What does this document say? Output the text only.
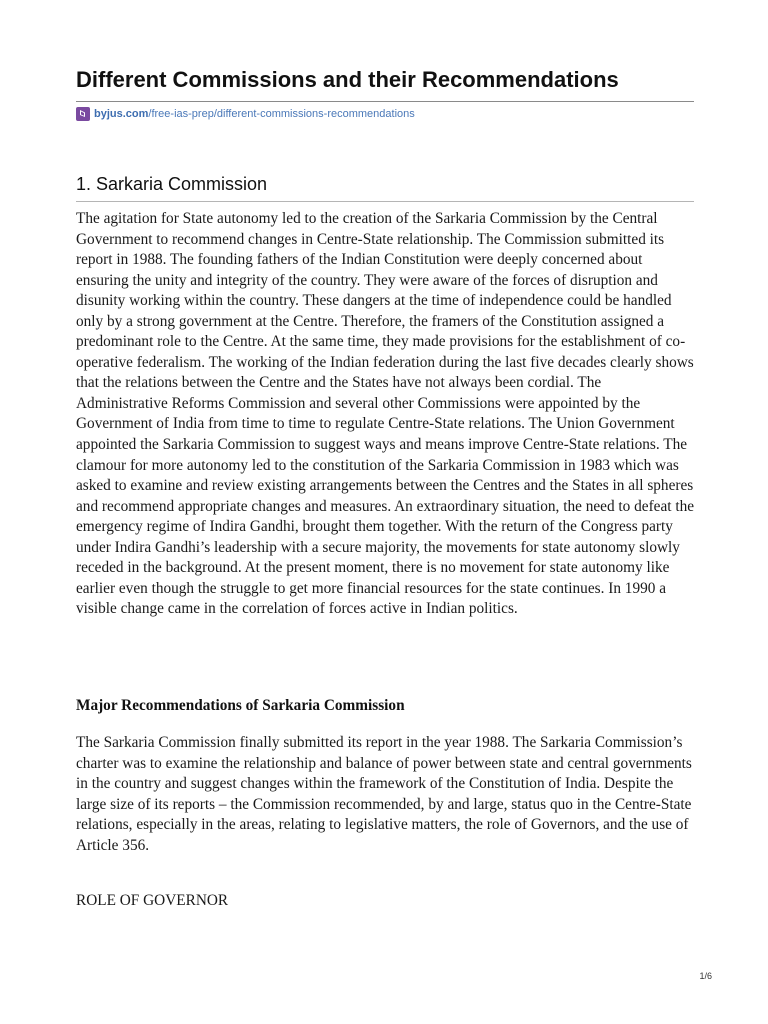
Different Commissions and their Recommendations
byjus.com /free-ias-prep/different-commissions-recommendations
1. Sarkaria Commission

The agitation for State autonomy led to the creation of the Sarkaria Commission by the Central Government to recommend changes in Centre-State relationship. The Commission submitted its report in 1988. The founding fathers of the Indian Constitution were deeply concerned about ensuring the unity and integrity of the country. They were aware of the forces of disruption and disunity working within the country. These dangers at the time of independence could be handled only by a strong government at the Centre. Therefore, the framers of the Constitution assigned a predominant role to the Centre. At the same time, they made provisions for the establishment of co-operative federalism. The working of the Indian federation during the last five decades clearly shows that the relations between the Centre and the States have not always been cordial. The Administrative Reforms Commission and several other Commissions were appointed by the Government of India from time to time to regulate Centre-State relations. The Union Government appointed the Sarkaria Commission to suggest ways and means improve Centre-State relations. The clamour for more autonomy led to the constitution of the Sarkaria Commission in 1983 which was asked to examine and review existing arrangements between the Centres and the States in all spheres and recommend appropriate changes and measures. An extraordinary situation, the need to defeat the emergency regime of Indira Gandhi, brought them together. With the return of the Congress party under Indira Gandhi’s leadership with a secure majority, the movements for state autonomy slowly receded in the background. At the present moment, there is no movement for state autonomy like earlier even though the struggle to get more financial resources for the state continues. In 1990 a visible change came in the correlation of forces active in Indian politics.

Major Recommendations of Sarkaria Commission

The Sarkaria Commission finally submitted its report in the year 1988. The Sarkaria Commission’s charter was to examine the relationship and balance of power between state and central governments in the country and suggest changes within the framework of the Constitution of India. Despite the large size of its reports – the Commission recommended, by and large, status quo in the Centre-State relations, especially in the areas, relating to legislative matters, the role of Governors, and the use of Article 356.

ROLE OF GOVERNOR

1/6
